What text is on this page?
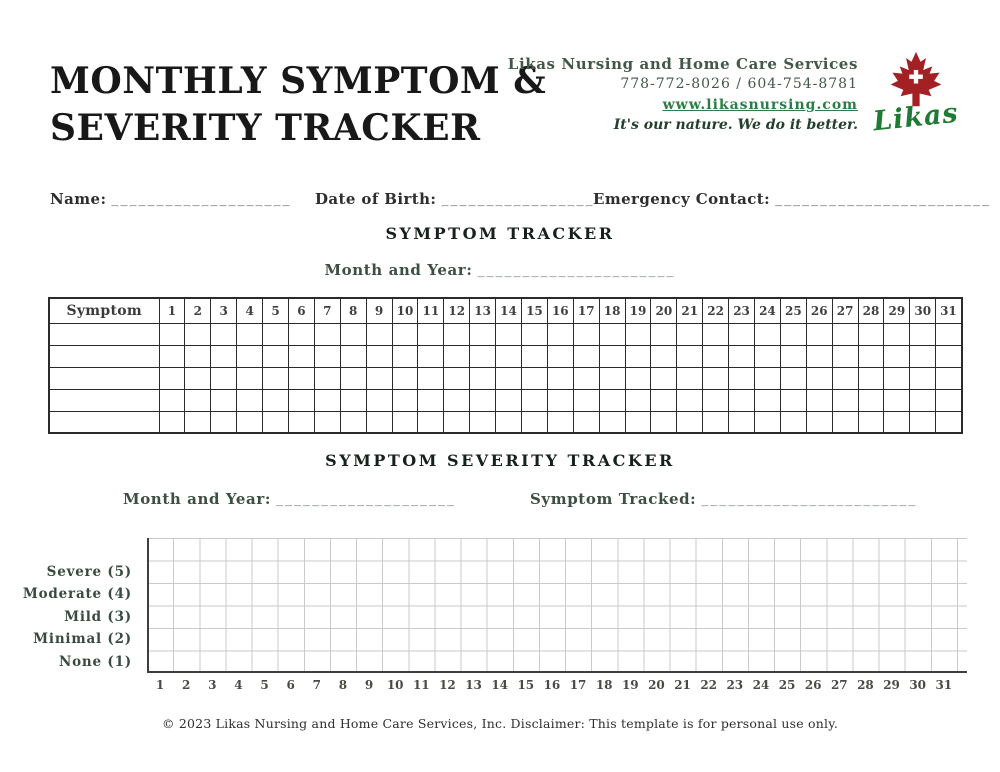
MONTHLY SYMPTOM &
SEVERITY TRACKER
Likas Nursing and Home Care Services
778-772-8026 / 604-754-8781
www.likasnursing.com
It's our nature. We do it better. Likas
Name: ____________________ Date of Birth: _________________
Emergency Contact: ________________________
SYMPTOM TRACKER
Month and Year: ______________________
Symptom	1	2	3	4	5	6	7	8	9	10	11	12	13	14	15	16	17	18	19	20	21	22	23	24	25	26	27	28	29	30	31

SYMPTOM SEVERITY TRACKER
Month and Year: ____________________	Symptom Tracked: ________________________
Severe (5)
Moderate (4)
Mild (3)
Minimal (2)
None (1)
1	2	3	4	5	6	7	8	9	10 11 12 13 14 15 16 17 18 19 20 21 22 23 24 25 26 27 28 29 30 31
© 2023 Likas Nursing and Home Care Services, Inc. Disclaimer: This template is for personal use only.
